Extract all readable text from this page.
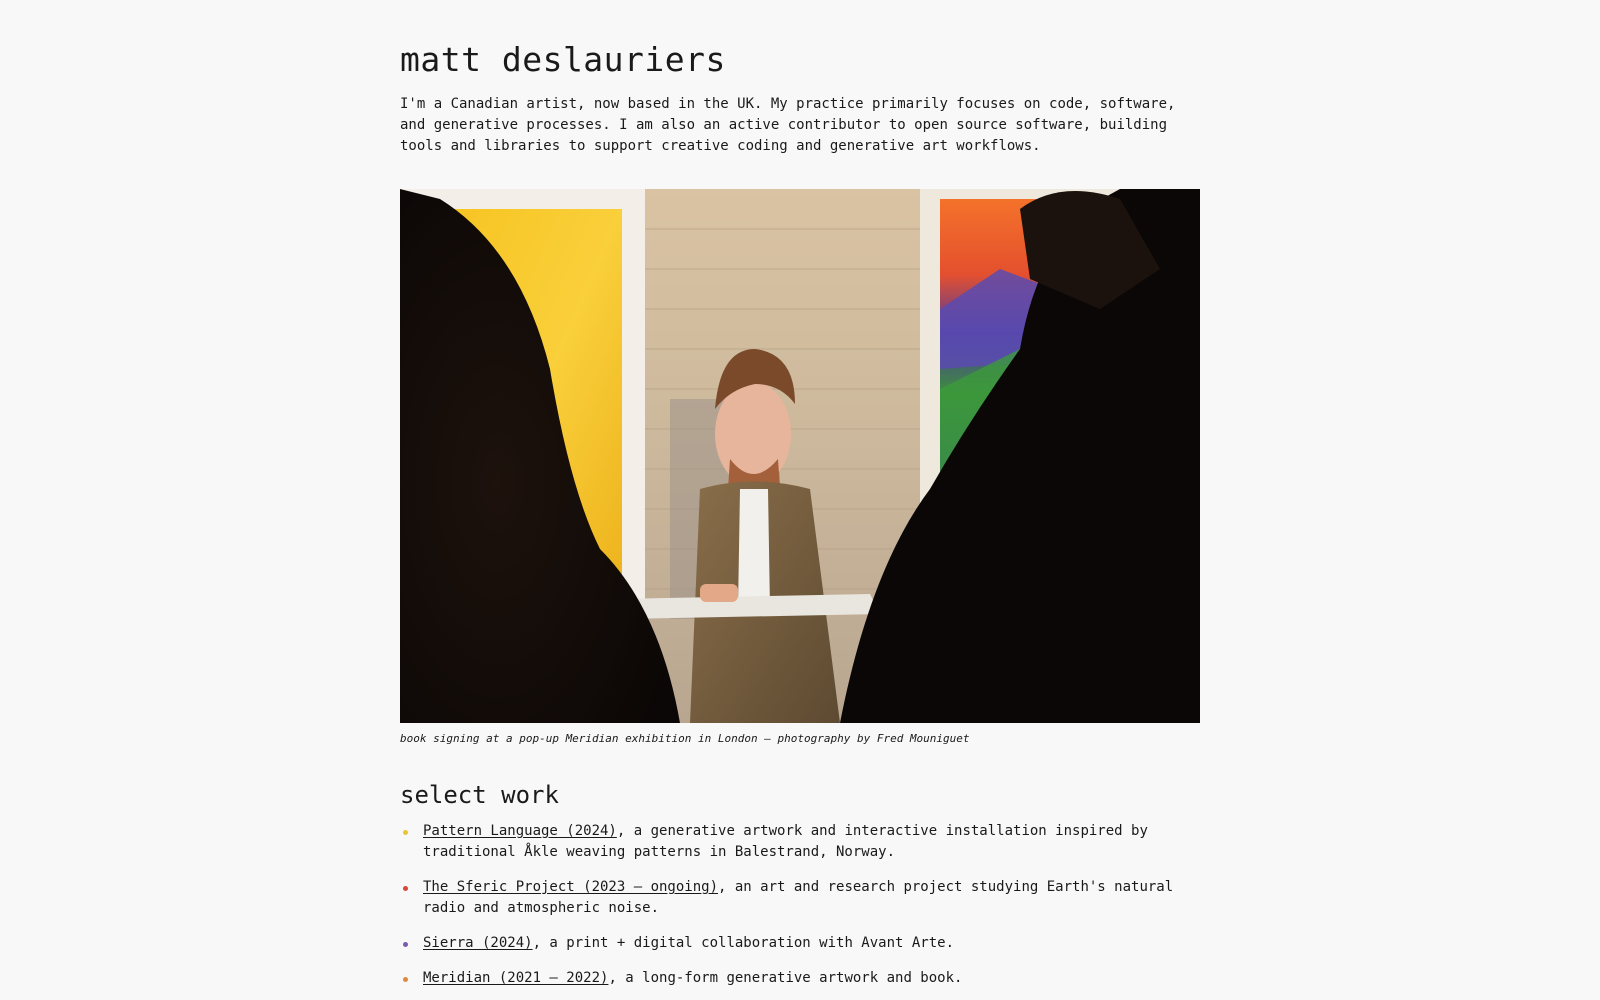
matt deslauriers

I'm a Canadian artist, now based in the UK. My practice primarily focuses on code, software, and generative processes. I am also an active contributor to open source software, building tools and libraries to support creative coding and generative art workflows.

book signing at a pop-up Meridian exhibition in London — photography by Fred Mouniguet
select work
Pattern Language (2024), a generative artwork and interactive installation inspired by traditional Åkle weaving patterns in Balestrand, Norway.
The Sferic Project (2023 — ongoing), an art and research project studying Earth's natural radio and atmospheric noise.
Sierra (2024), a print + digital collaboration with Avant Arte.
Meridian (2021 — 2022), a long-form generative artwork and book.
